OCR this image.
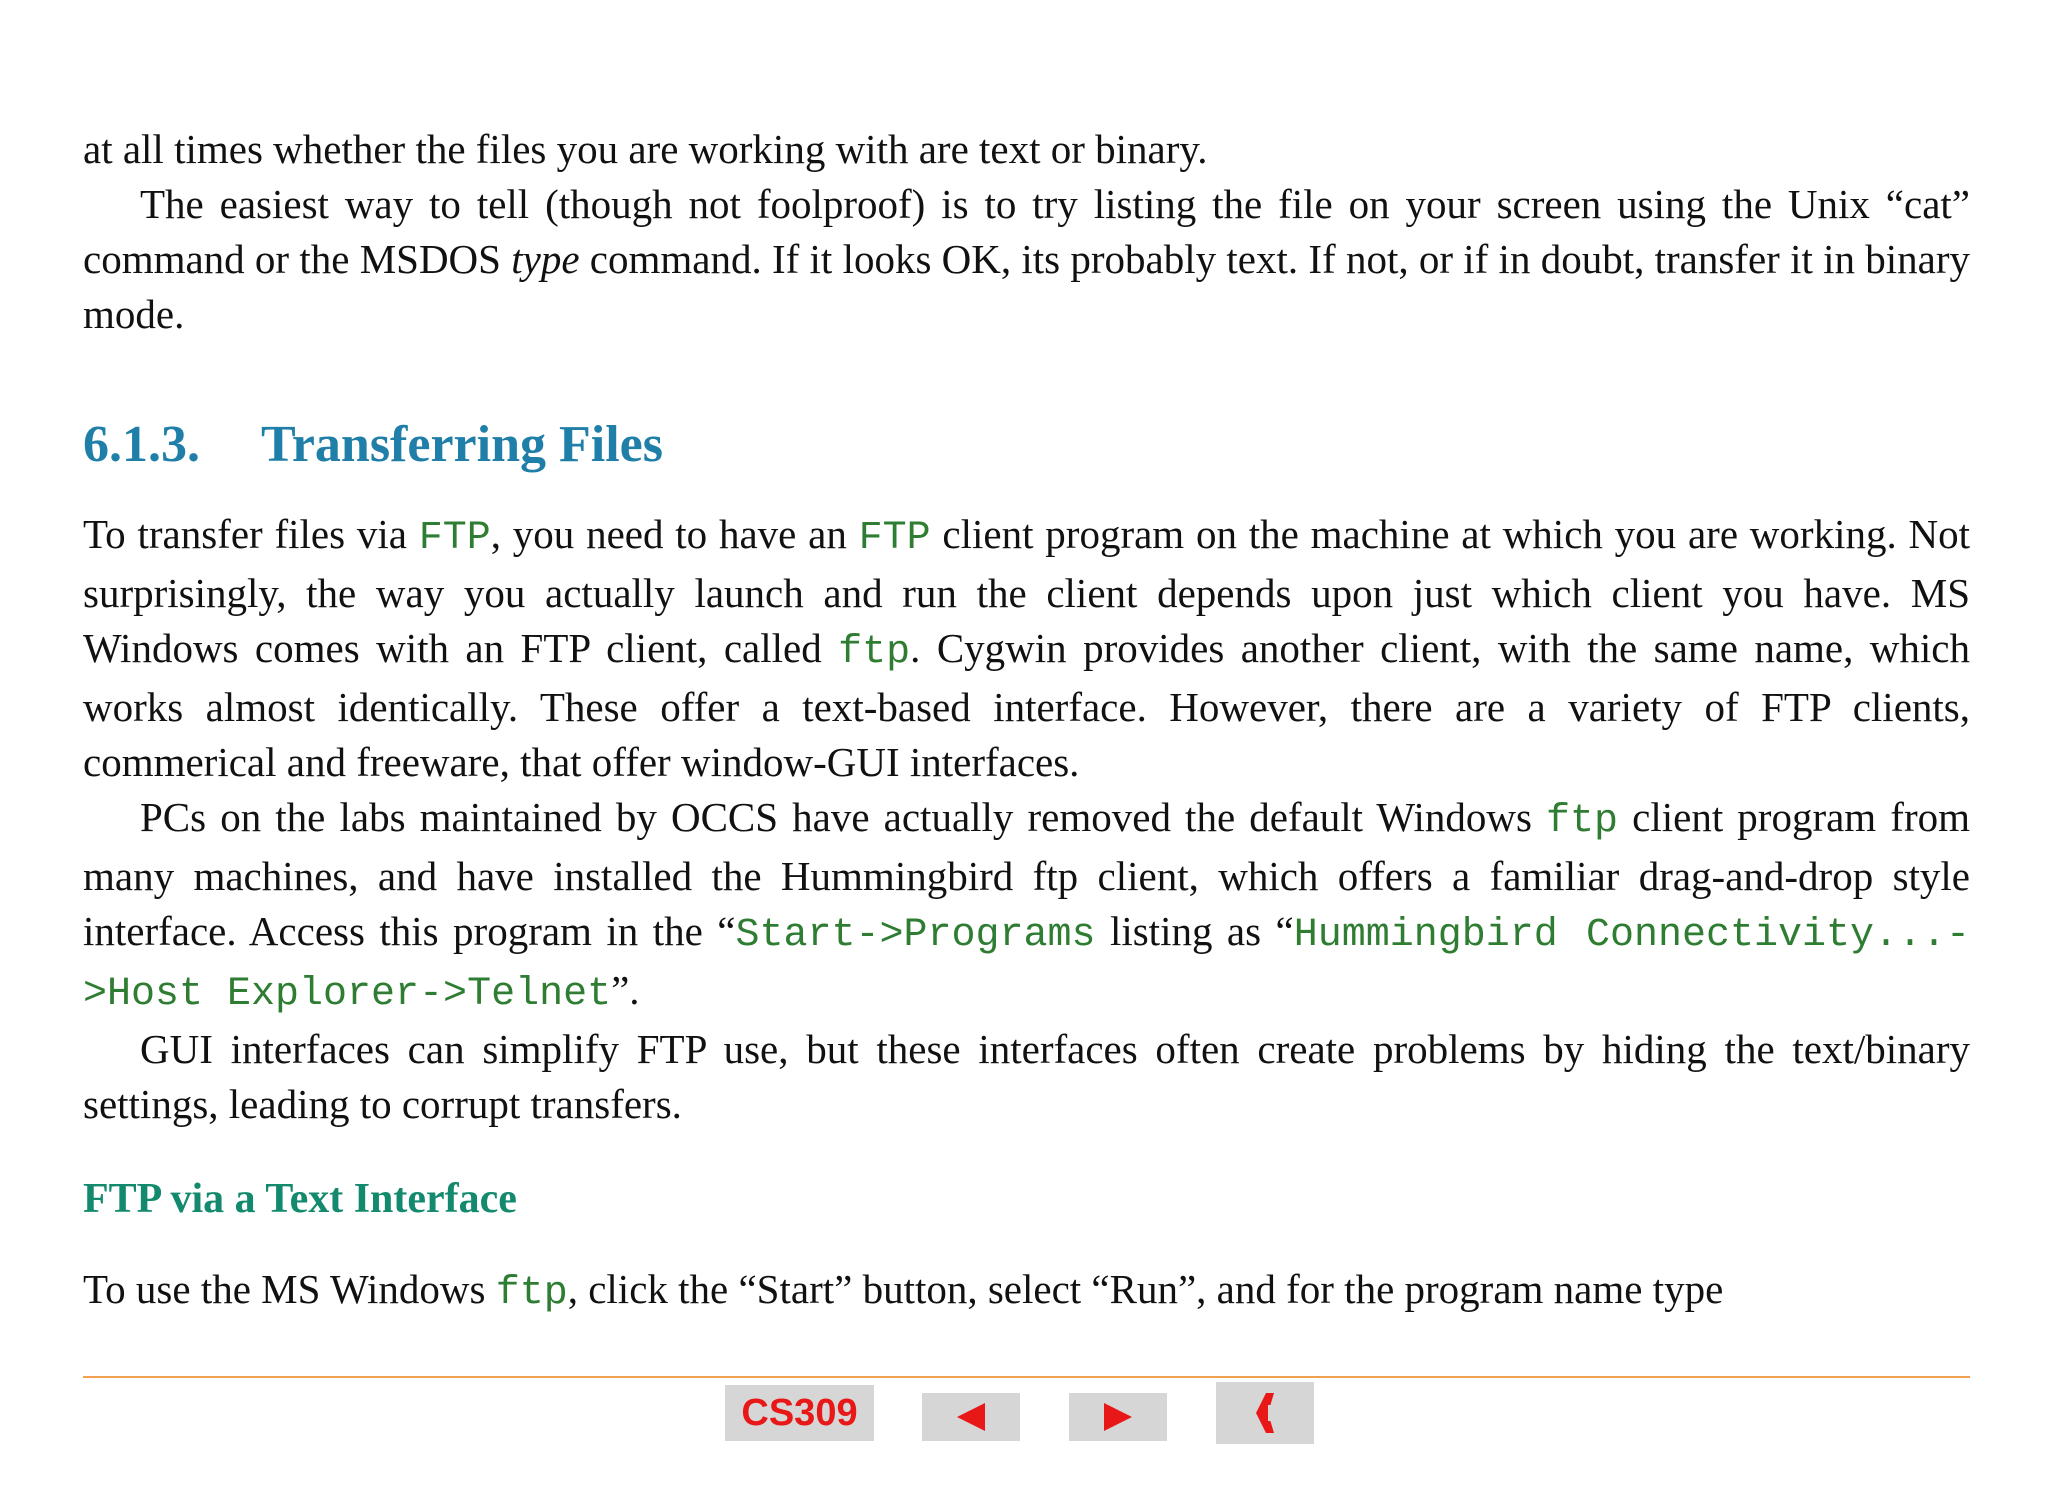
at all times whether the files you are working with are text or binary.

The easiest way to tell (though not foolproof) is to try listing the file on your screen using the Unix “cat” command or the MSDOS type command. If it looks OK, its probably text. If not, or if in doubt, transfer it in binary mode.

6.1.3. Transferring Files

To transfer files via FTP, you need to have an FTP client program on the machine at which you are working. Not surprisingly, the way you actually launch and run the client depends upon just which client you have. MS Windows comes with an FTP client, called ftp. Cygwin provides another client, with the same name, which works almost identically. These offer a text-based interface. However, there are a variety of FTP clients, commerical and freeware, that offer window-GUI interfaces.

PCs on the labs maintained by OCCS have actually removed the default Windows ftp client program from many machines, and have installed the Hummingbird ftp client, which offers a familiar drag-and-drop style interface. Access this program in the “Start->Programs listing as “Hummingbird Connectivity...->Host Explorer->Telnet”.

GUI interfaces can simplify FTP use, but these interfaces often create problems by hiding the text/binary settings, leading to corrupt transfers.

FTP via a Text Interface

To use the MS Windows ftp, click the “Start” button, select “Run”, and for the program name type

CS309
